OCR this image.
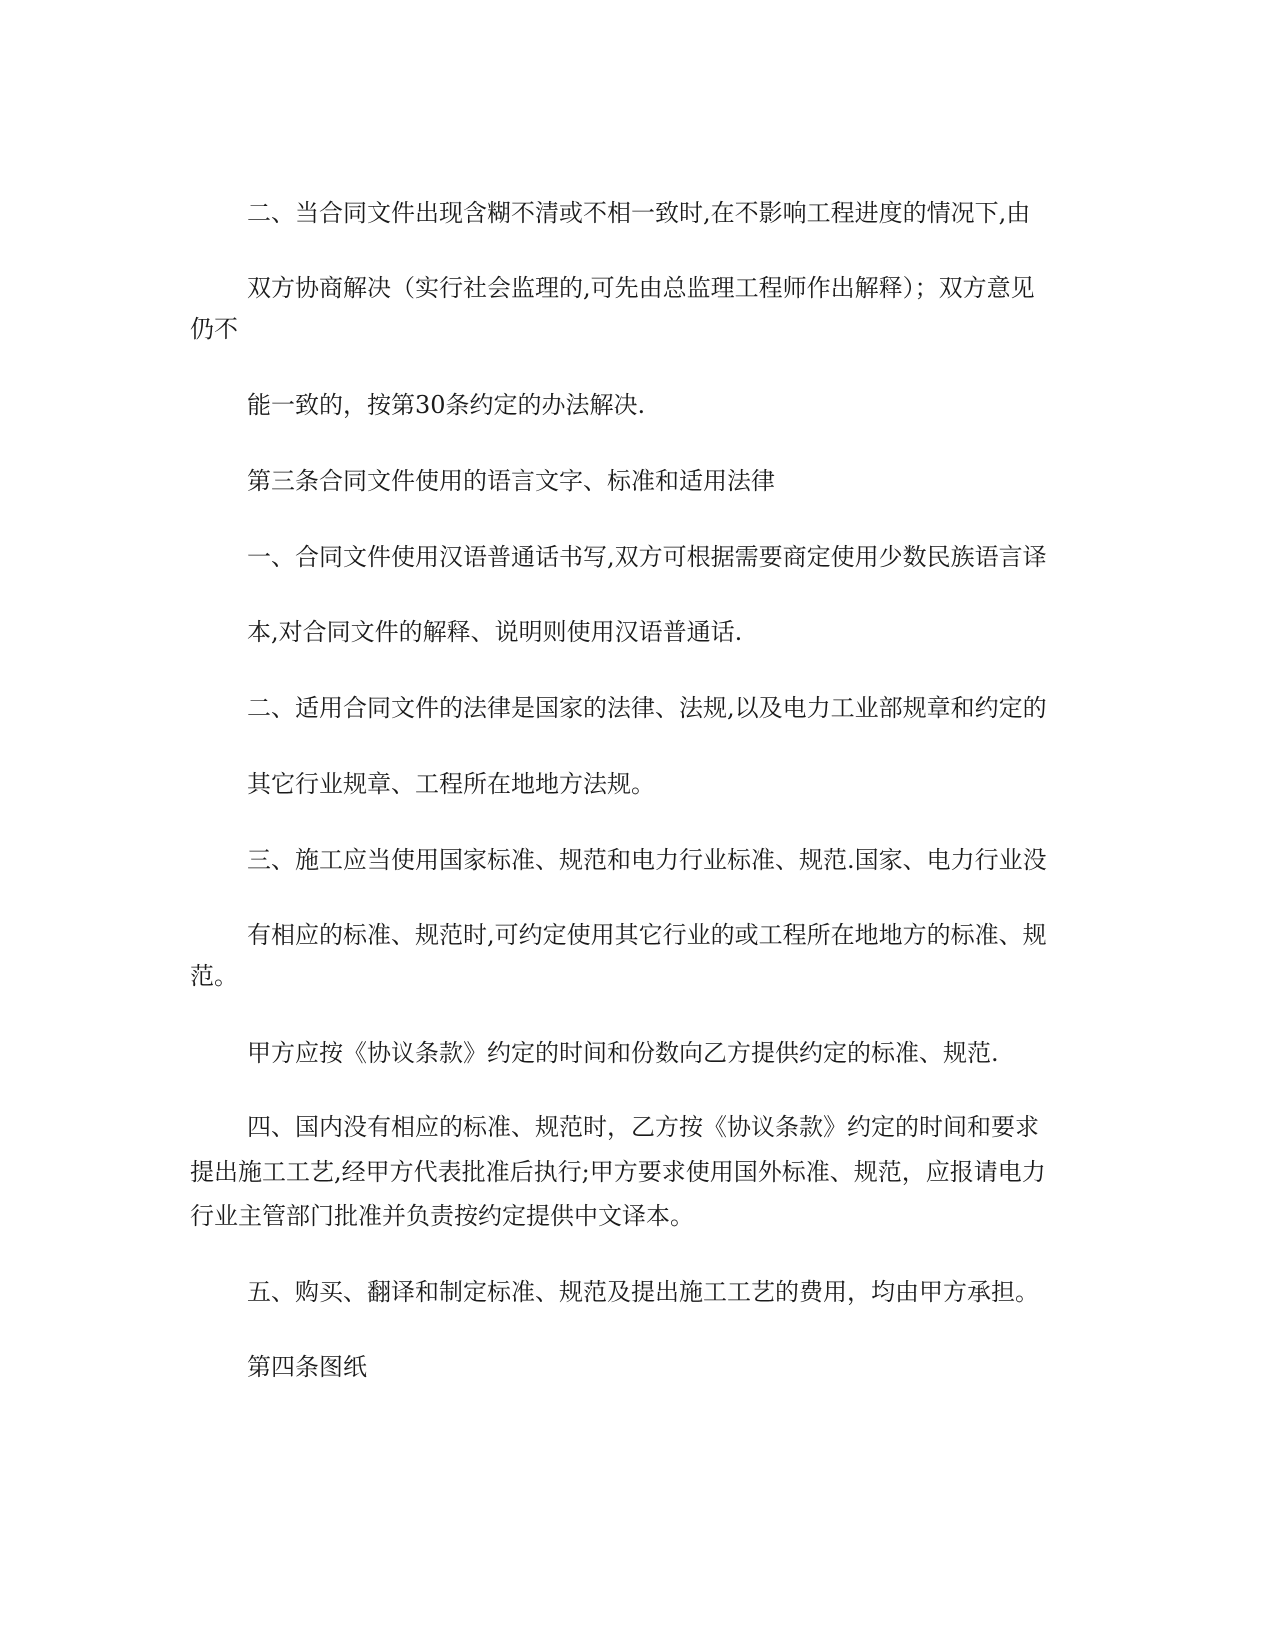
二、当合同文件出现含糊不清或不相一致时,在不影响工程进度的情况下,由
双方协商解决（实行社会监理的,可先由总监理工程师作出解释）；双方意见
仍不
能一致的，按第30条约定的办法解决.
第三条合同文件使用的语言文字、标准和适用法律
一、合同文件使用汉语普通话书写,双方可根据需要商定使用少数民族语言译
本,对合同文件的解释、说明则使用汉语普通话.
二、适用合同文件的法律是国家的法律、法规,以及电力工业部规章和约定的
其它行业规章、工程所在地地方法规。
三、施工应当使用国家标准、规范和电力行业标准、规范.国家、电力行业没
有相应的标准、规范时,可约定使用其它行业的或工程所在地地方的标准、规
范。
甲方应按《协议条款》约定的时间和份数向乙方提供约定的标准、规范.
四、国内没有相应的标准、规范时，乙方按《协议条款》约定的时间和要求
提出施工工艺,经甲方代表批准后执行;甲方要求使用国外标准、规范，应报请电力
行业主管部门批准并负责按约定提供中文译本。
五、购买、翻译和制定标准、规范及提出施工工艺的费用，均由甲方承担。
第四条图纸
